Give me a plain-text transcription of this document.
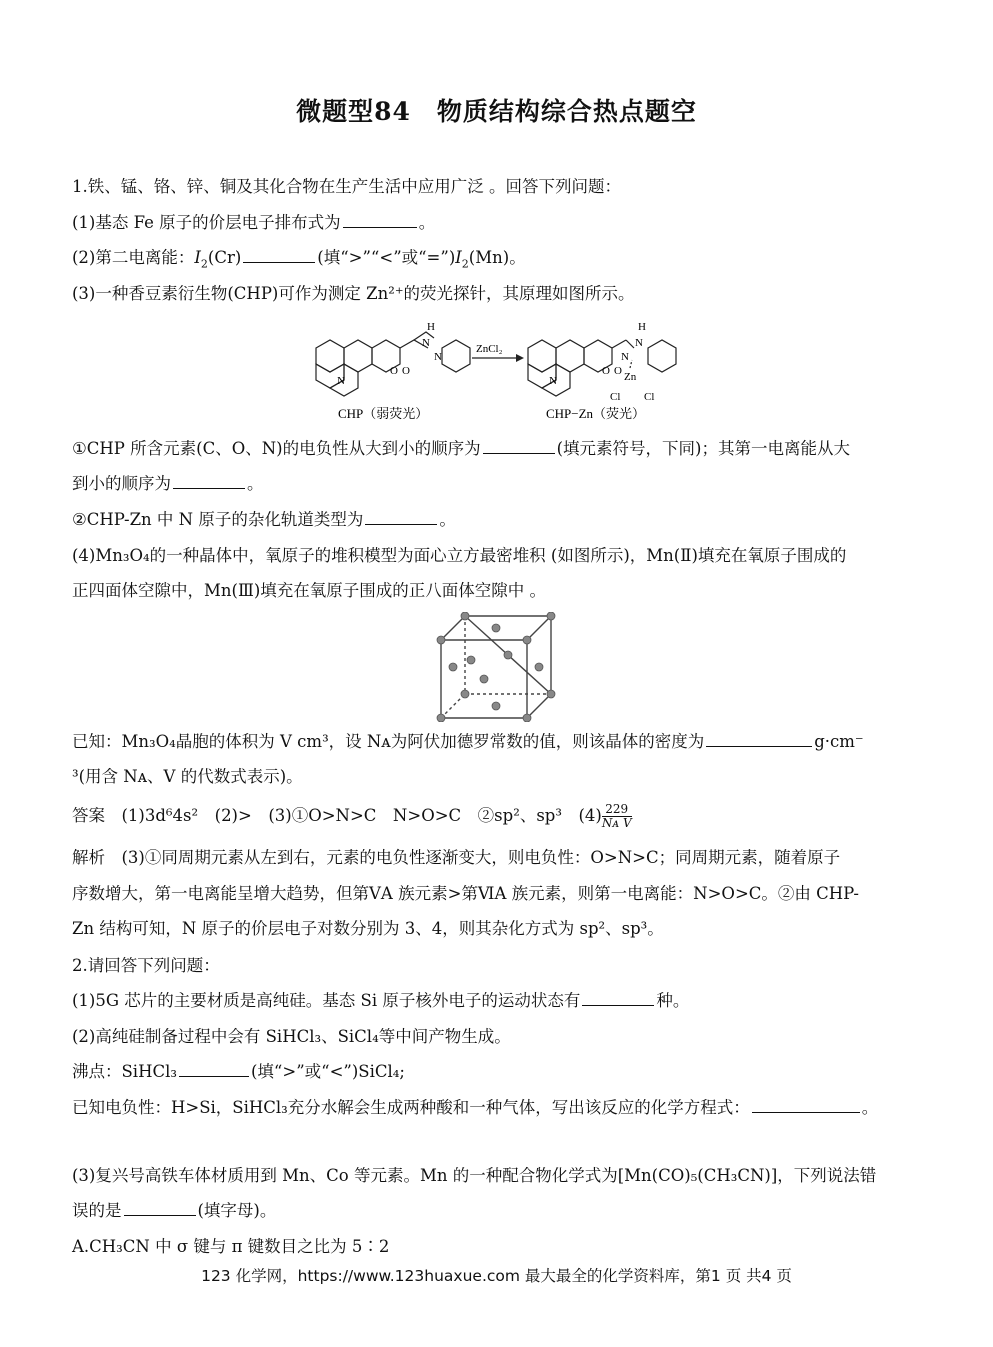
微题型84　物质结构综合热点题空
1.铁、锰、铬、锌、铜及其化合物在生产生活中应用广泛 。回答下列问题：
(1)基态 Fe 原子的价层电子排布式为	。
(2)第二电离能：$I_2(Cr)$	(填“>”“<”或“$=”)I_2(Mn)$。
(3)一种香豆素衍生物(CHP)可作为测定 Zn²⁺的荧光探针，其原理如图所示。
N
O O
H
N
N
ZnCl₂
N
O O
H
N
N
Zn
Cl Cl
CHP（弱荧光）	CHP−Zn（荧光）
①CHP 所含元素(C、O、N)的电负性从大到小的顺序为	(填元素符号，下同)；其第一电离能从大
到小的顺序为	。
②CHP-Zn 中 N 原子的杂化轨道类型为	。
(4)Mn₃O₄的一种晶体中，氧原子的堆积模型为面心立方最密堆积 (如图所示)，Mn(Ⅱ)填充在氧原子围成的
正四面体空隙中，Mn(Ⅲ)填充在氧原子围成的正八面体空隙中 。
已知：Mn₃O₄晶胞的体积为 V cm³，设 Nᴀ为阿伏加德罗常数的值，则该晶体的密度为	g·cm⁻
³(用含 Nᴀ、V 的代数式表示)。
答案　 (1)3d⁶4s²　(2)>　(3)①O>N>C　N>O>C　②sp²、sp³　$(4) \frac{229}{\text{Nᴀ V}}$
解析　 (3)①同周期元素从左到右，元素的电负性逐渐变大，则电负性：O>N>C；同周期元素，随着原子
序数增大，第一电离能呈增大趋势，但第ⅤA 族元素>第ⅥA 族元素，则第一电离能：N>O>C。②由 CHP-
Zn 结构可知，N 原子的价层电子对数分别为 3、4，则其杂化方式为 sp²、sp³。
2.请回答下列问题：
(1)5G 芯片的主要材质是高纯硅。基态 Si 原子核外电子的运动状态有	种。
(2)高纯硅制备过程中会有 SiHCl₃、SiCl₄等中间产物生成。
沸点：SiHCl₃	(填“>”或“<”)SiCl₄;
已知电负性：H>Si，SiHCl₃充分水解会生成两种酸和一种气体，写出该反应的化学方程式：	。
(3)复兴号高铁车体材质用到 Mn、Co 等元素。Mn 的一种配合物化学式为[Mn(CO)₅(CH₃CN)]，下列说法错
误的是	(填字母)。
A.CH₃CN 中 σ 键与 π 键数目之比为 5∶2
123 化学网，https://www.123huaxue.com 最大最全的化学资料库，第1 页 共4 页
